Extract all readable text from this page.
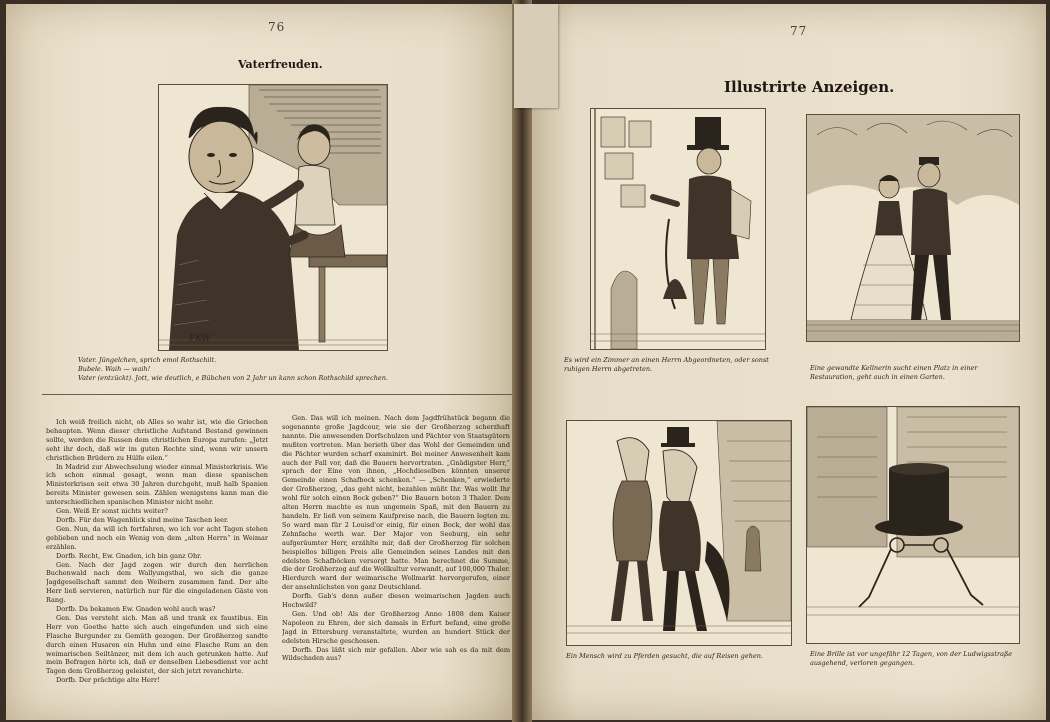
76
Vaterfreuden.
FKW
Vater. Jüngelchen, sprich emol Rothschilt.
Bubele. Waih — waih!
Vater (entzückt). Jott, wie deutlich, e Bübchen von 2 Jahr un kann schon Rothschild sprechen.

Ich weiß freilich nicht, ob Alles so wahr ist, wie die Griechen behaupten. Wenn dieser christliche Aufstand Bestand gewinnen sollte, werden die Russen dem christlichen Europa zurufen: „Jetzt seht ihr doch, daß wir im guten Rechte sind, wenn wir unsern christlichen Brüdern zu Hülfe eilen.“

In Madrid zur Abwechselung wieder einmal Ministerkrisis. Wie ich schon einmal gesagt, wenn man diese spanischen Ministerkrisen seit etwa 30 Jahren durchgeht, muß halb Spanien bereits Minister gewesen sein. Zählen wenigstens kann man die unterschiedlichen spanischen Minister nicht mehr.

Gen. Weiß Er sonst nichts weiter?

Dorfb. Für den Wagenblick sind meine Taschen leer.

Gen. Nun, da will ich fortfahren, wo ich vor acht Tagen stehen geblieben und noch ein Wenig von dem „alten Herrn“ in Weimar erzählen.

Dorfb. Recht, Ew. Gnaden, ich bin ganz Ohr.

Gen. Nach der Jagd zogen wir durch den herrlichen Buchenwald nach dem Wallyungsthal, wo sich die ganze Jagdgesellschaft sammt den Weibern zusammen fand. Der alte Herr ließ servieren, natürlich nur für die eingeladenen Gäste von Rang.

Dorfb. Da bekamen Ew. Gnaden wohl auch was?

Gen. Das versteht sich. Man aß und trank ex faustibus. Ein Herr von Goethe hatte sich auch eingefunden und sich eine Flasche Burgunder zu Gemüth gezogen. Der Großherzog sandte durch einen Husaren ein Huhn und eine Flasche Rum an den weimarischen Seiltänzer, mit dem ich auch getrunken hatte. Auf mein Befragen hörte ich, daß er denselben Liebesdienst vor acht Tagen dem Großherzog geleistet, der sich jetzt revanchirte.

Dorfb. Der prächtige alte Herr!

Gen. Das will ich meinen. Nach dem Jagdfrühstück begann die sogenannte große Jagdcour, wie sie der Großherzog scherzhaft nannte. Die anwesenden Dorfschulzen und Pächter von Staatsgütern mußten vortreten. Man berieth über das Wohl der Gemeinden und die Pächter wurden scharf examinirt. Bei meiner Anwesenheit kam auch der Fall vor, daß die Bauern hervortraten. „Gnädigster Herr,“ sprach der Eine von ihnen, „Hochdieselben könnten unserer Gemeinde einen Schafbock schenken.“ — „Schenken,“ erwiederte der Großherzog, „das geht nicht, bezahlen müßt Ihr. Was wollt Ihr wohl für solch einen Bock geben?“ Die Bauern boten 3 Thaler. Dem alten Herrn machte es nun ungemein Spaß, mit den Bauern zu handeln. Er ließ von seinem Kaufpreise nach, die Bauern legten zu. So ward man für 2 Louisd'or einig, für einen Bock, der wohl das Zehnfache werth war. Der Major von Seeburg, ein sehr aufgeräumter Herr, erzählte mir, daß der Großherzog für solchen beispiellos billigen Preis alle Gemeinden seines Landes mit den edelsten Schafböcken versorgt hatte. Man berechnet die Summe, die der Großherzog auf die Wollkultur verwandt, auf 100,000 Thaler. Hierdurch ward der weimarische Wollmarkt hervorgerufen, einer der ansehnlichsten von ganz Deutschland.

Dorfb. Gab's denn außer diesen weimarischen Jagden auch Hochwild?

Gen. Und ob! Als der Großherzog Anno 1808 dem Kaiser Napoleon zu Ehren, der sich damals in Erfurt befand, eine große Jagd in Ettersburg veranstaltete, wurden an hundert Stück der edelsten Hirsche geschossen.

Dorfb. Das läßt sich mir gefallen. Aber wie sah es da mit dem Wildschaden aus?

77
Illustrirte Anzeigen.
Es wird ein Zimmer an einen Herrn Abgeordneten, oder sonst ruhigen Herrn abgetreten.	Eine gewandte Kellnerin sucht einen Platz in einer Restauration, geht auch in einen Garten.
Ein Mensch wird zu Pferden gesucht, die auf Reisen gehen.	Eine Brille ist vor ungefähr 12 Tagen, von der Ludwigsstraße ausgehend, verloren gegangen.
